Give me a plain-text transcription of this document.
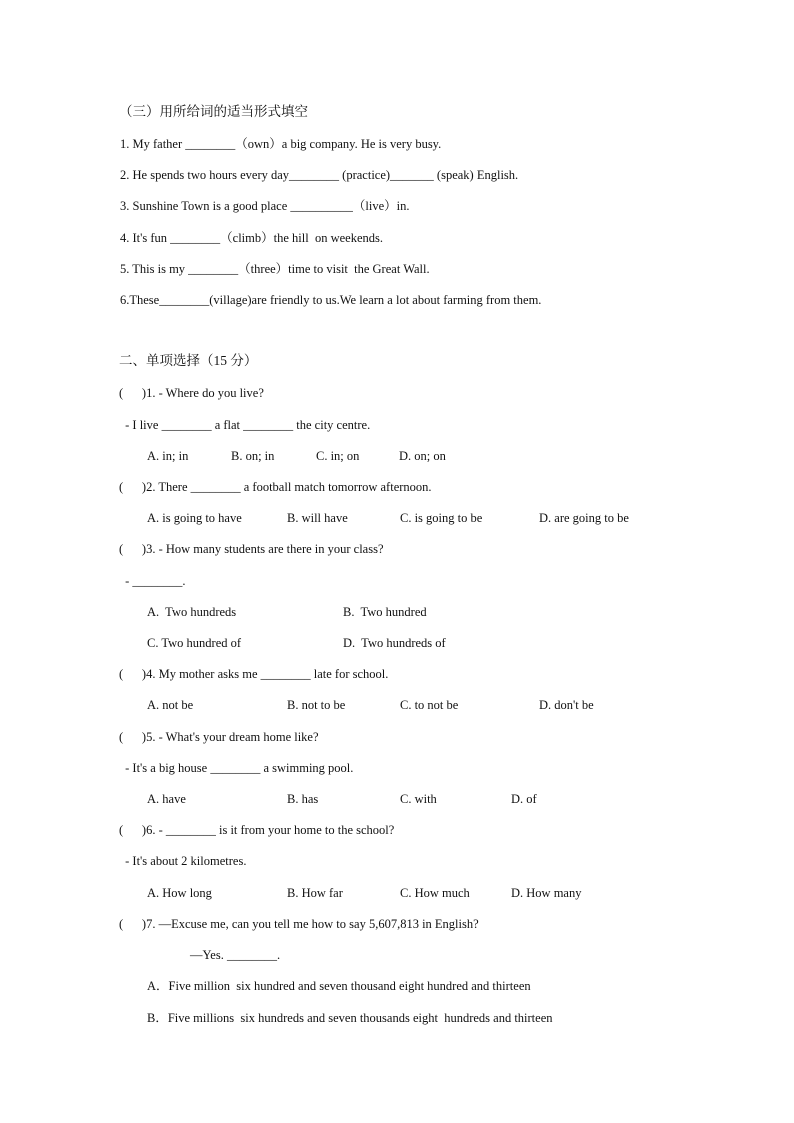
（三）用所给词的适当形式填空
1. My father ________（own）a big company. He is very busy.
2. He spends two hours every day________ (practice)_______ (speak) English.
3. Sunshine Town is a good place __________（live）in.
4. It's fun ________（climb）the hill  on weekends.
5. This is my ________（three）time to visit  the Great Wall.
6.These________(village)are friendly to us.We learn a lot about farming from them.
二、单项选择（15 分）
(      )1. - Where do you live?
- I live ________ a flat ________ the city centre.
A. in; in	B. on; in	C. in; on	D. on; on
(      )2. There ________ a football match tomorrow afternoon.
A. is going to have	B. will have	C. is going to be	D. are going to be
(      )3. - How many students are there in your class?
- ________.
A.  Two hundreds	B.  Two hundred
C. Two hundred of	D.  Two hundreds of
(      )4. My mother asks me ________ late for school.
A. not be	B. not to be	C. to not be	D. don't be
(      )5. - What's your dream home like?
- It's a big house ________ a swimming pool.
A. have	B. has	C. with	D. of
(      )6. - ________ is it from your home to the school?
- It's about 2 kilometres.
A. How long	B. How far	C. How much	D. How many
(      )7. —Excuse me, can you tell me how to say 5,607,813 in English?
—Yes. ________.
A．Five million  six hundred and seven thousand eight hundred and thirteen
B．Five millions  six hundreds and seven thousands eight  hundreds and thirteen
